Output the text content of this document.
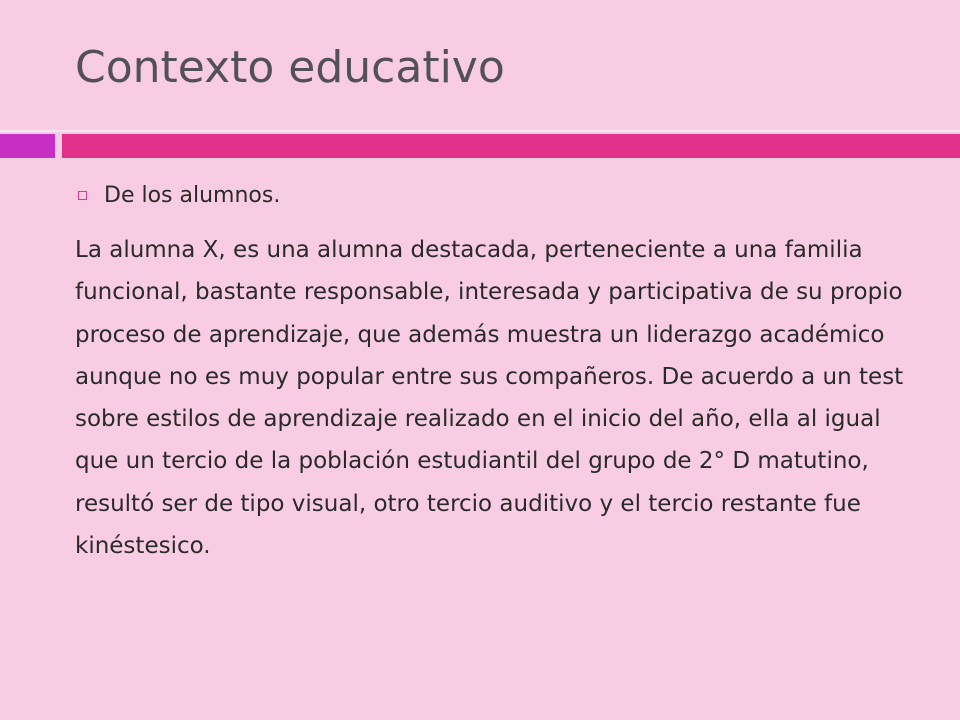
Contexto educativo
De los alumnos.

La alumna X, es una alumna destacada, perteneciente a una familia funcional, bastante responsable, interesada y participativa de su propio proceso de aprendizaje, que además muestra un liderazgo académico aunque no es muy popular entre sus compañeros. De acuerdo a un test sobre estilos de aprendizaje realizado en el inicio del año, ella al igual que un tercio de la población estudiantil del grupo de 2° D matutino, resultó ser de tipo visual, otro tercio auditivo y el tercio restante fue kinéstesico.
